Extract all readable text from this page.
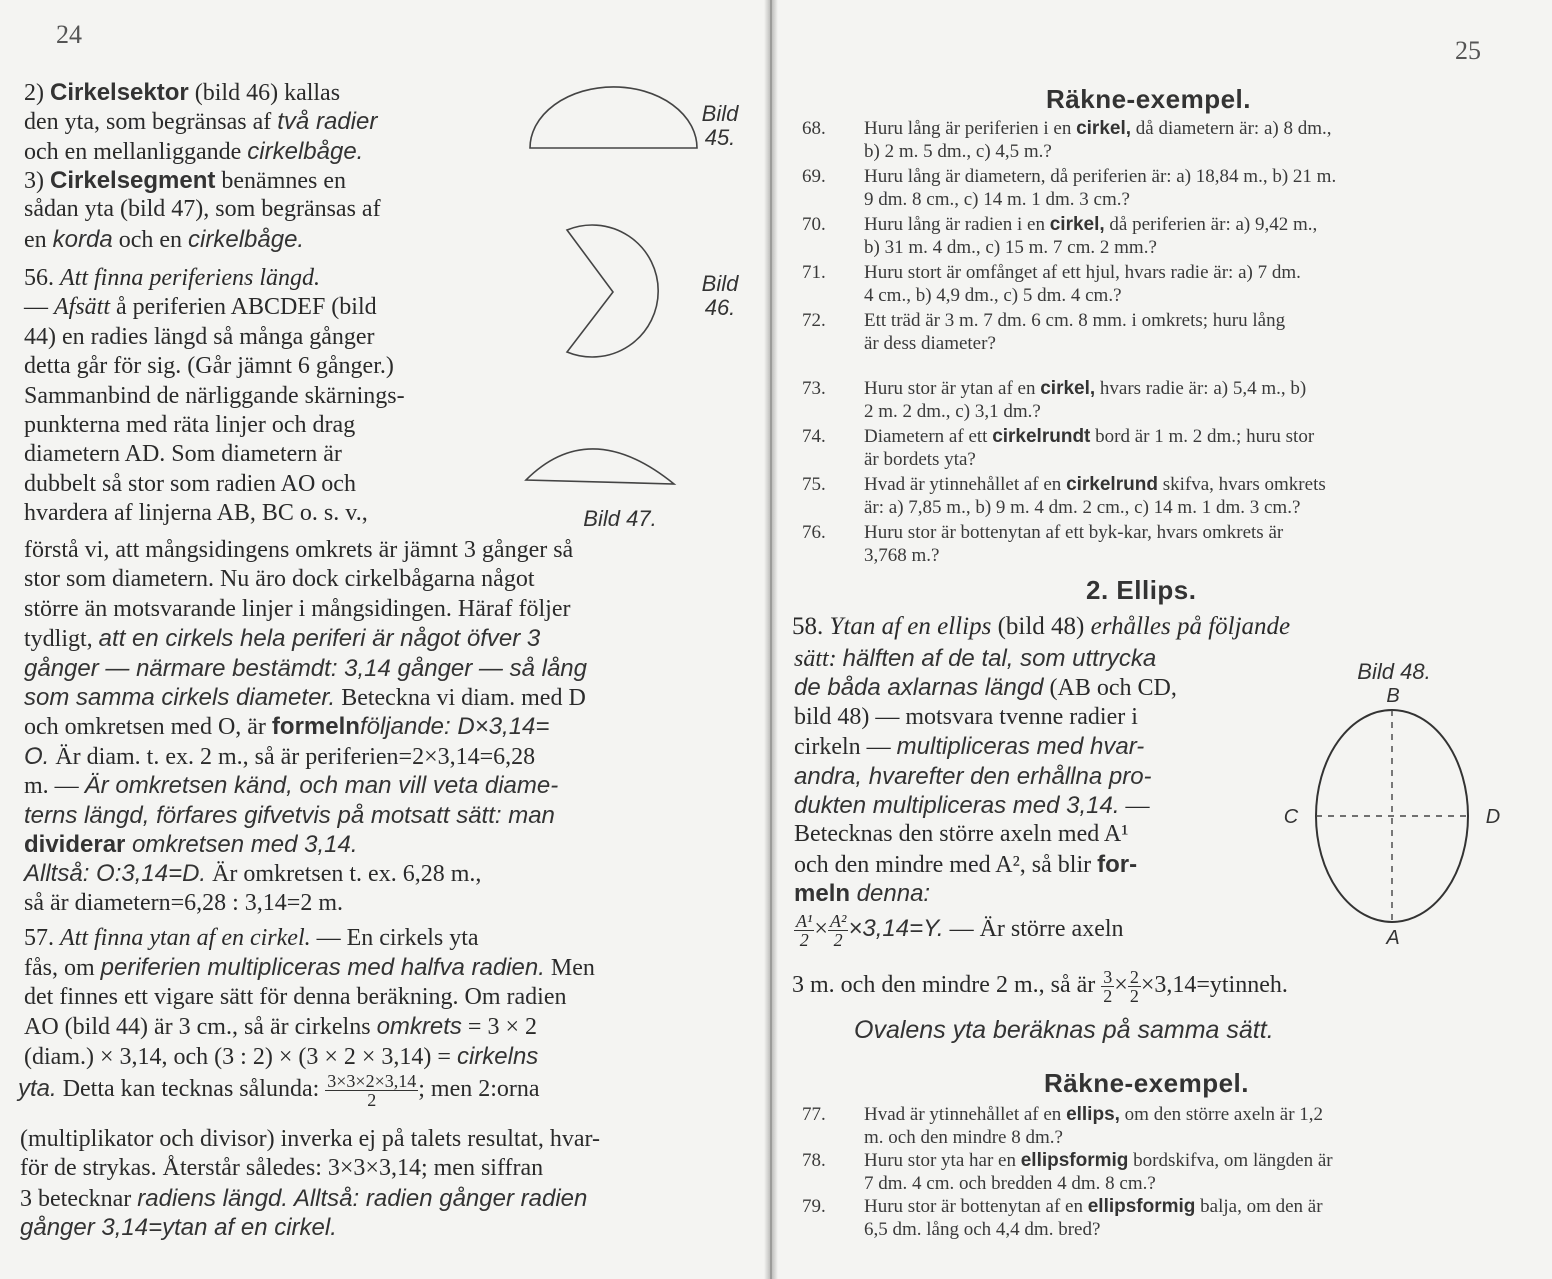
24
2) Cirkelsektor (bild 46) kallas
den yta, som begränsas af två radier
och en mellanliggande cirkelbåge.
3) Cirkelsegment benämnes en
sådan yta (bild 47), som begränsas af
en korda och en cirkelbåge.
56. Att finna periferiens längd.
— Afsätt å periferien ABCDEF (bild
44) en radies längd så många gånger
detta går för sig. (Går jämnt 6 gånger.)
Sammanbind de närliggande skärnings-
punkterna med räta linjer och drag
diametern AD. Som diametern är
dubbelt så stor som radien AO och
hvardera af linjerna AB, BC o. s. v.,
förstå vi, att mångsidingens omkrets är jämnt 3 gånger så
stor som diametern. Nu äro dock cirkelbågarna något
större än motsvarande linjer i mångsidingen. Häraf följer
tydligt, att en cirkels hela periferi är något öfver 3
gånger — närmare bestämdt: 3,14 gånger — så lång
som samma cirkels diameter. Beteckna vi diam. med D
och omkretsen med O, är formelnföljande: D×3,14=
O. Är diam. t. ex. 2 m., så är periferien=2×3,14=6,28
m. — Är omkretsen känd, och man vill veta diame-
terns längd, förfares gifvetvis på motsatt sätt: man
dividerar omkretsen med 3,14.
Alltså: O:3,14=D. Är omkretsen t. ex. 6,28 m.,
så är diametern=6,28 : 3,14=2 m.
57. Att finna ytan af en cirkel. — En cirkels yta
fås, om periferien multipliceras med halfva radien. Men
det finnes ett vigare sätt för denna beräkning. Om radien
AO (bild 44) är 3 cm., så är cirkelns omkrets = 3 × 2
(diam.) × 3,14, och (3 : 2) × (3 × 2 × 3,14) = cirkelns
yta. Detta kan tecknas sålunda: $\frac{3\times 3\times 2\times 3,14}{2}$ ; men 2:orna
(multiplikator och divisor) inverka ej på talets resultat, hvar-
för de strykas. Återstår således: 3×3×3,14; men siffran
3 betecknar radiens längd. Alltså: radien gånger radien
gånger 3,14=ytan af en cirkel.
Bild 45.
Bild 46.
Bild 47.
25
Räkne-exempel.
2. Ellips.
58. Ytan af en ellips (bild 48) erhålles på följande
sätt: hälften af de tal, som uttrycka
de båda axlarnas längd (AB och CD,
bild 48) — motsvara tvenne radier i
cirkeln — multipliceras med hvar-
andra, hvarefter den erhållna pro-
dukten multipliceras med 3,14. —
Betecknas den större axeln med A¹
och den mindre med A², så blir for-
meln denna:
$\frac{\text{A¹}}{2} \times \frac{\text{A²}}{2} \times 3,14=Y$. — Är större axeln
3 m. och den mindre 2 m., så är $\frac{3}{2} \times \frac{2}{2}$ ×3,14=ytinneh.
Ovalens yta beräknas på samma sätt.
Bild 48.
B
C	D
A
Räkne-exempel.
68.	Huru lång är periferien i en cirkel, då diametern är: a) 8 dm.,
b) 2 m. 5 dm., c) 4,5 m.?
69.	Huru lång är diametern, då periferien är: a) 18,84 m., b) 21 m.
9 dm. 8 cm., c) 14 m. 1 dm. 3 cm.?
70.	Huru lång är radien i en cirkel, då periferien är: a) 9,42 m.,
b) 31 m. 4 dm., c) 15 m. 7 cm. 2 mm.?
71.	Huru stort är omfånget af ett hjul, hvars radie är: a) 7 dm.
4 cm., b) 4,9 dm., c) 5 dm. 4 cm.?
72.	Ett träd är 3 m. 7 dm. 6 cm. 8 mm. i omkrets; huru lång
är dess diameter?
73.	Huru stor är ytan af en cirkel, hvars radie är: a) 5,4 m., b)
2 m. 2 dm., c) 3,1 dm.?
74.	Diametern af ett cirkelrundt bord är 1 m. 2 dm.; huru stor
är bordets yta?
75.	Hvad är ytinnehållet af en cirkelrund skifva, hvars omkrets
är: a) 7,85 m., b) 9 m. 4 dm. 2 cm., c) 14 m. 1 dm. 3 cm.?
76.	Huru stor är bottenytan af ett byk-kar, hvars omkrets är
3,768 m.?
77.	Hvad är ytinnehållet af en ellips, om den större axeln är 1,2
m. och den mindre 8 dm.?
78.	Huru stor yta har en ellipsformig bordskifva, om längden är
7 dm. 4 cm. och bredden 4 dm. 8 cm.?
79.	Huru stor är bottenytan af en ellipsformig balja, om den är
6,5 dm. lång och 4,4 dm. bred?
